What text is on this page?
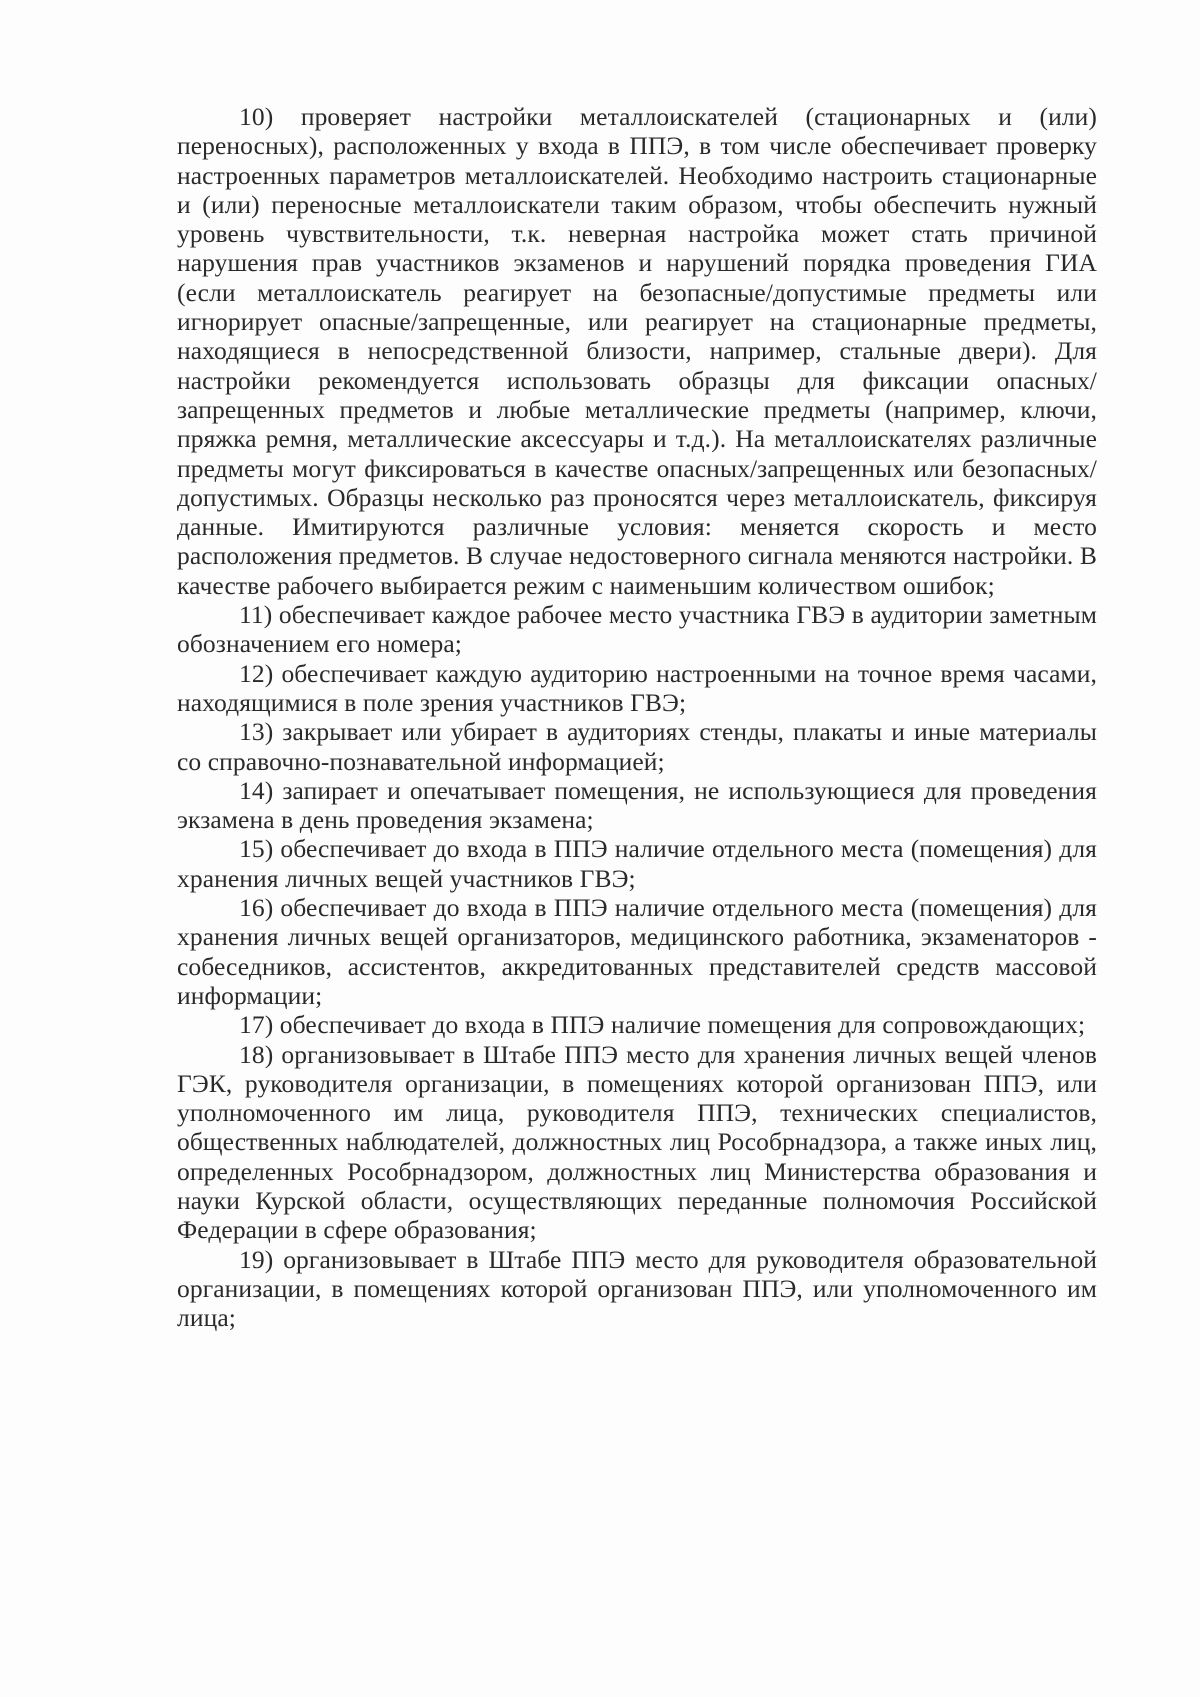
10) проверяет настройки металлоискателей (стационарных и (или) переносных), расположенных у входа в ППЭ, в том числе обеспечивает проверку настроенных параметров металлоискателей. Необходимо настроить стационарные и (или) переносные металлоискатели таким образом, чтобы обеспечить нужный уровень чувствительности, т.к. неверная настройка может стать причиной нарушения прав участников экзаменов и нарушений порядка проведения ГИА (если металлоискатель реагирует на безопасные/допустимые предметы или игнорирует опасные/запрещенные, или реагирует на стационарные предметы, находящиеся в непосредственной близости, например, стальные двери). Для настройки рекомендуется использовать образцы для фиксации опасных/запрещенных предметов и любые металлические предметы (например, ключи, пряжка ремня, металлические аксессуары и т.д.). На металлоискателях различные предметы могут фиксироваться в качестве опасных/запрещенных или безопасных/допустимых. Образцы несколько раз проносятся через металлоискатель, фиксируя данные. Имитируются различные условия: меняется скорость и место расположения предметов. В случае недостоверного сигнала меняются настройки. В качестве рабочего выбирается режим с наименьшим количеством ошибок;

11) обеспечивает каждое рабочее место участника ГВЭ в аудитории заметным обозначением его номера;

12) обеспечивает каждую аудиторию настроенными на точное время часами, находящимися в поле зрения участников ГВЭ;

13) закрывает или убирает в аудиториях стенды, плакаты и иные материалы со справочно-познавательной информацией;

14) запирает и опечатывает помещения, не использующиеся для проведения экзамена в день проведения экзамена;

15) обеспечивает до входа в ППЭ наличие отдельного места (помещения) для хранения личных вещей участников ГВЭ;

16) обеспечивает до входа в ППЭ наличие отдельного места (помещения) для хранения личных вещей организаторов, медицинского работника, экзаменаторов - собеседников, ассистентов, аккредитованных представителей средств массовой информации;

17) обеспечивает до входа в ППЭ наличие помещения для сопровождающих;

18) организовывает в Штабе ППЭ место для хранения личных вещей членов ГЭК, руководителя организации, в помещениях которой организован ППЭ, или уполномоченного им лица, руководителя ППЭ, технических специалистов, общественных наблюдателей, должностных лиц Рособрнадзора, а также иных лиц, определенных Рособрнадзором, должностных лиц Министерства образования и науки Курской области, осуществляющих переданные полномочия Российской Федерации в сфере образования;

19) организовывает в Штабе ППЭ место для руководителя образовательной организации, в помещениях которой организован ППЭ, или уполномоченного им лица;
